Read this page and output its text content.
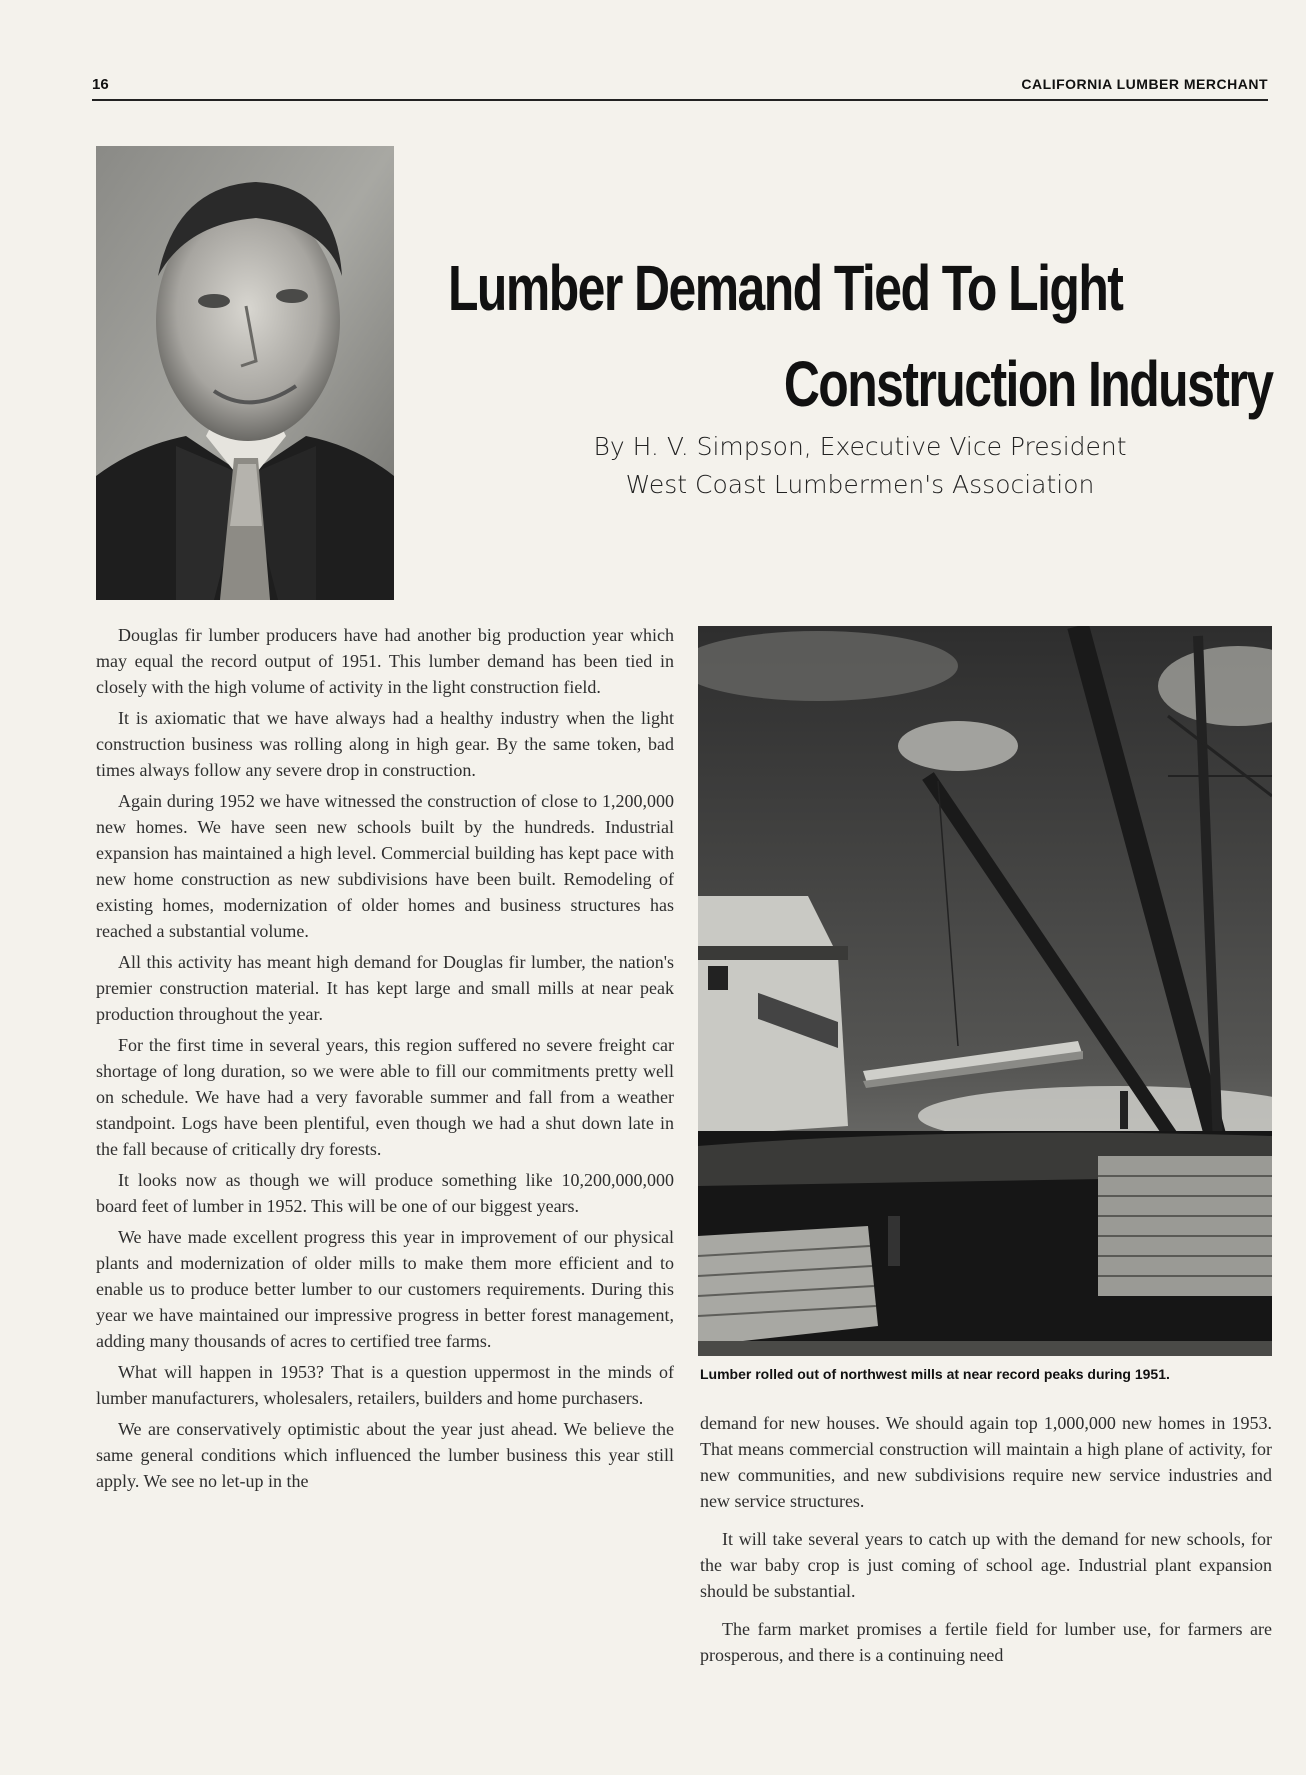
16	CALIFORNIA LUMBER MERCHANT
Lumber Demand Tied To Light
Construction Industry
By H. V. Simpson, Executive Vice President
West Coast Lumbermen's Association
Lumber rolled out of northwest mills at near record peaks during 1951.

Douglas fir lumber producers have had another big production year which may equal the record output of 1951. This lumber demand has been tied in closely with the high volume of activity in the light construction field.

It is axiomatic that we have always had a healthy industry when the light construction business was rolling along in high gear. By the same token, bad times always follow any severe drop in construction.

Again during 1952 we have witnessed the construction of close to 1,200,000 new homes. We have seen new schools built by the hundreds. Industrial expansion has maintained a high level. Commercial building has kept pace with new home construction as new subdivisions have been built. Remodeling of existing homes, modernization of older homes and business structures has reached a substantial volume.

All this activity has meant high demand for Douglas fir lumber, the nation's premier construction material. It has kept large and small mills at near peak production throughout the year.

For the first time in several years, this region suffered no severe freight car shortage of long duration, so we were able to fill our commitments pretty well on schedule. We have had a very favorable summer and fall from a weather standpoint. Logs have been plentiful, even though we had a shut down late in the fall because of critically dry forests.

It looks now as though we will produce something like 10,200,000,000 board feet of lumber in 1952. This will be one of our biggest years.

We have made excellent progress this year in improvement of our physical plants and modernization of older mills to make them more efficient and to enable us to produce better lumber to our customers requirements. During this year we have maintained our impressive progress in better forest management, adding many thousands of acres to certified tree farms.

What will happen in 1953? That is a question uppermost in the minds of lumber manufacturers, wholesalers, retailers, builders and home purchasers.

We are conservatively optimistic about the year just ahead. We believe the same general conditions which influenced the lumber business this year still apply. We see no let-up in the

demand for new houses. We should again top 1,000,000 new homes in 1953. That means commercial construction will maintain a high plane of activity, for new communities, and new subdivisions require new service industries and new service structures.

It will take several years to catch up with the demand for new schools, for the war baby crop is just coming of school age. Industrial plant expansion should be substantial.

The farm market promises a fertile field for lumber use, for farmers are prosperous, and there is a continuing need
